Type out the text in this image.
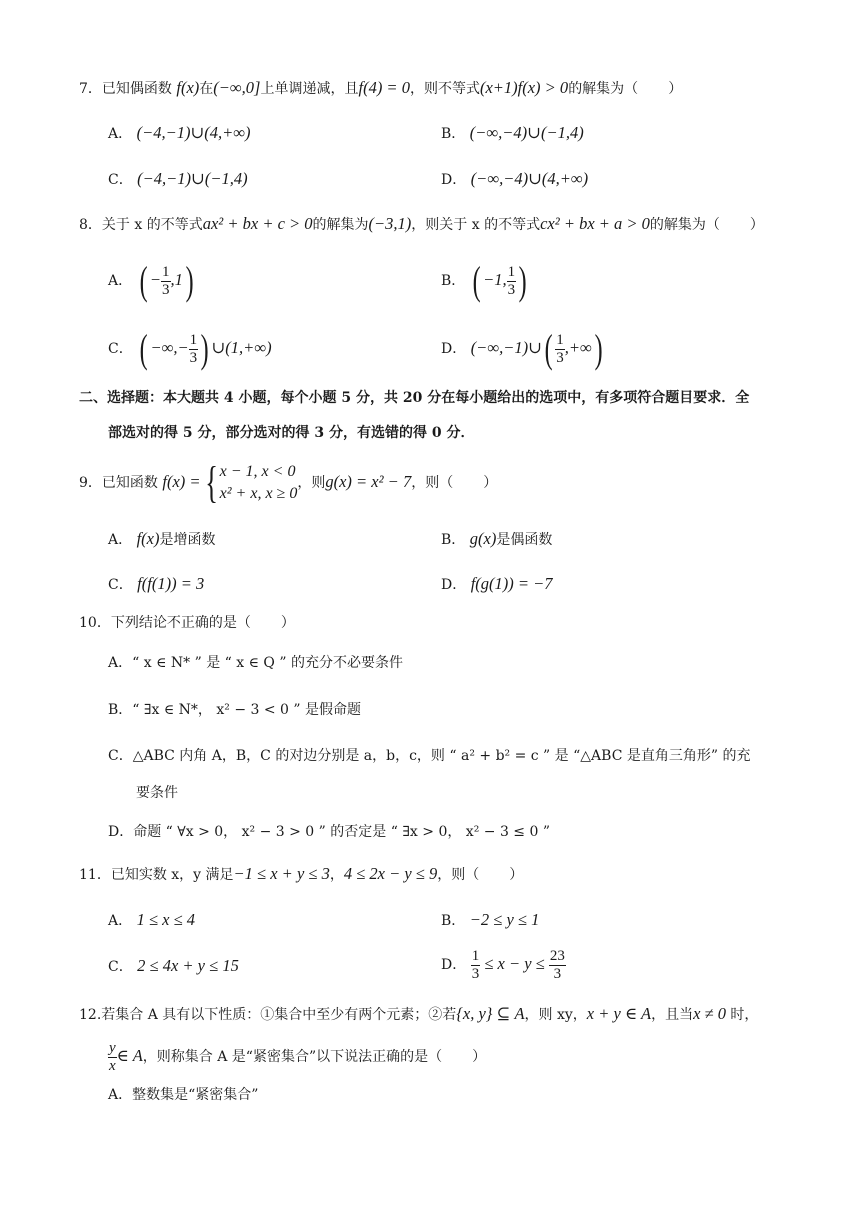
7．已知偶函数 f(x)在(−∞,0]上单调递减，且f(4) = 0，则不等式(x+1)f(x) > 0的解集为（ ）
A． (−4,−1)∪(4,+∞)	B． (−∞,−4)∪(−1,4)
C． (−4,−1)∪(−1,4)	D． (−∞,−4)∪(4,+∞)
8．关于 x 的不等式ax² + bx + c > 0的解集为(−3,1)，则关于 x 的不等式cx² + bx + a > 0的解集为（ ）
A． ( − $\frac{1}{3} ,1$)	B． ( −1, $\frac{1}{3}$ )
C． ( −∞,− $\frac{1}{3}$ ) ∪(1,+∞)	D． (−∞,−1)∪( $\frac{1}{3}$ ,+∞)
二、选择题：本大题共 4 小题，每个小题 5 分，共 20 分在每小题给出的选项中，有多项符合题目要求．全
部选对的得 5 分，部分选对的得 3 分，有选错的得 0 分．
9．已知函数 f(x) ={ x − 1, x < 0
x² + x, x ≥ 0
，则g(x) = x² − 7，则（ ）
A． f(x)是增函数	B． g(x)是偶函数
C． f(f(1)) = 3	D． f(g(1)) = −7
10．下列结论不正确的是（ ）
A．“ x ∈ N* ” 是 “ x ∈ Q ” 的充分不必要条件
B．“ ∃x ∈ N*， x² − 3 < 0 ” 是假命题
C．△ABC 内角 A，B，C 的对边分别是 a，b，c，则 “ a² + b² = c ” 是 “△ABC 是直角三角形” 的充
要条件
D．命题 “ ∀x > 0， x² − 3 > 0 ” 的否定是 “ ∃x > 0， x² − 3 ≤ 0 ”
11．已知实数 x，y 满足−1 ≤ x + y ≤ 3，4 ≤ 2x − y ≤ 9，则（ ）
A． 1 ≤ x ≤ 4	B． −2 ≤ y ≤ 1
C． 2 ≤ 4x + y ≤ 15	D． $\frac{1}{3} \le x - y \le \frac{23}{3}$
12.若集合 A 具有以下性质：①集合中至少有两个元素；②若{x, y} ⊆ A，则 xy，x + y ∈ A，且当x ≠ 0 时，
$\frac{y}{x}$ ∈ A，则称集合 A 是“紧密集合”以下说法正确的是（ ）
A．整数集是“紧密集合”
